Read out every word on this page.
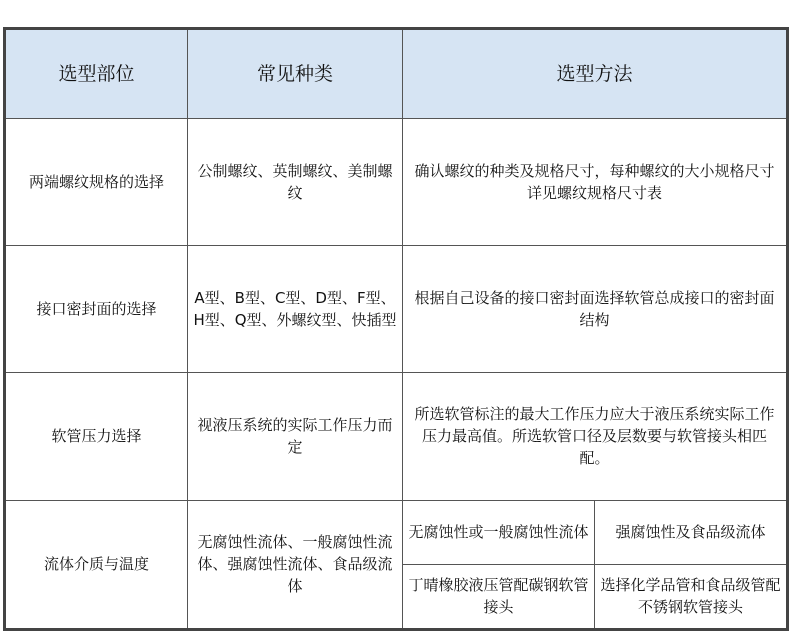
选型部位	常见种类	选型方法	
两端螺纹规格的选择	公制螺纹、英制螺纹、美制螺纹	确认螺纹的种类及规格尺寸，每种螺纹的大小规格尺寸详见螺纹规格尺寸表	
接口密封面的选择	A型、B型、C型、D型、F型、H型、Q型、外螺纹型、快插型	根据自己设备的接口密封面选择软管总成接口的密封面结构	
软管压力选择	视液压系统的实际工作压力而定	所选软管标注的最大工作压力应大于液压系统实际工作压力最高值。所选软管口径及层数要与软管接头相匹配。	
流体介质与温度	无腐蚀性流体、一般腐蚀性流体、强腐蚀性流体、食品级流体	无腐蚀性或一般腐蚀性流体	强腐蚀性及食品级流体
		丁晴橡胶液压管配碳钢软管接头	选择化学品管和食品级管配不锈钢软管接头
